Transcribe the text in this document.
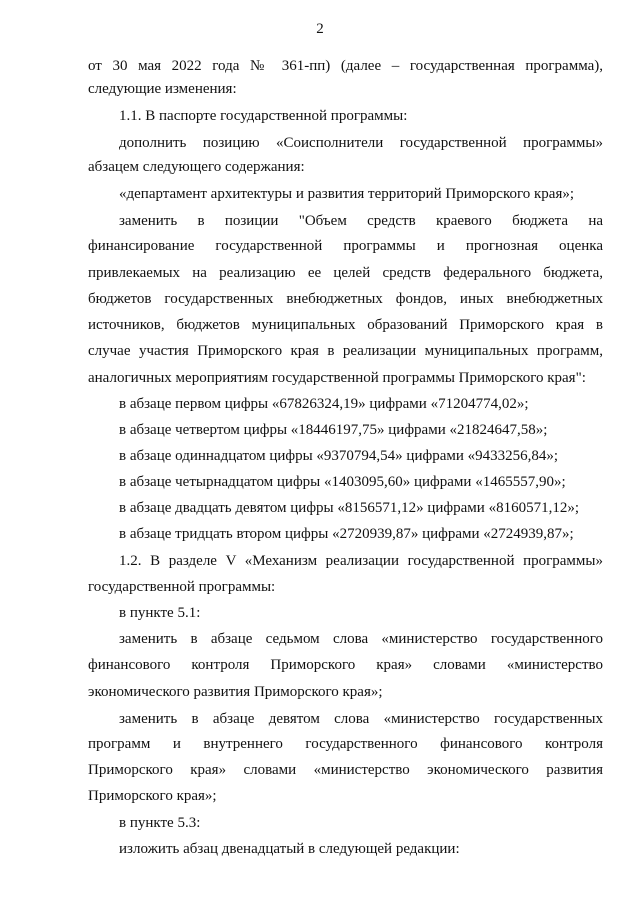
2
от 30 мая 2022 года № 361-пп) (далее – государственная программа),
следующие изменения:
1.1. В паспорте государственной программы:
дополнить позицию «Соисполнители государственной программы»
абзацем следующего содержания:
«департамент архитектуры и развития территорий Приморского края»;
заменить в позиции "Объем средств краевого бюджета на
финансирование государственной программы и прогнозная оценка
привлекаемых на реализацию ее целей средств федерального бюджета,
бюджетов государственных внебюджетных фондов, иных внебюджетных
источников, бюджетов муниципальных образований Приморского края в
случае участия Приморского края в реализации муниципальных программ,
аналогичных мероприятиям государственной программы Приморского края":
в абзаце первом цифры «67826324,19» цифрами «71204774,02»;
в абзаце четвертом цифры «18446197,75» цифрами «21824647,58»;
в абзаце одиннадцатом цифры «9370794,54» цифрами «9433256,84»;
в абзаце четырнадцатом цифры «1403095,60» цифрами «1465557,90»;
в абзаце двадцать девятом цифры «8156571,12» цифрами «8160571,12»;
в абзаце тридцать втором цифры «2720939,87» цифрами «2724939,87»;
1.2. В разделе V «Механизм реализации государственной программы»
государственной программы:
в пункте 5.1:
заменить в абзаце седьмом слова «министерство государственного
финансового контроля Приморского края» словами «министерство
экономического развития Приморского края»;
заменить в абзаце девятом слова «министерство государственных
программ и внутреннего государственного финансового контроля
Приморского края» словами «министерство экономического развития
Приморского края»;
в пункте 5.3:
изложить абзац двенадцатый в следующей редакции:
